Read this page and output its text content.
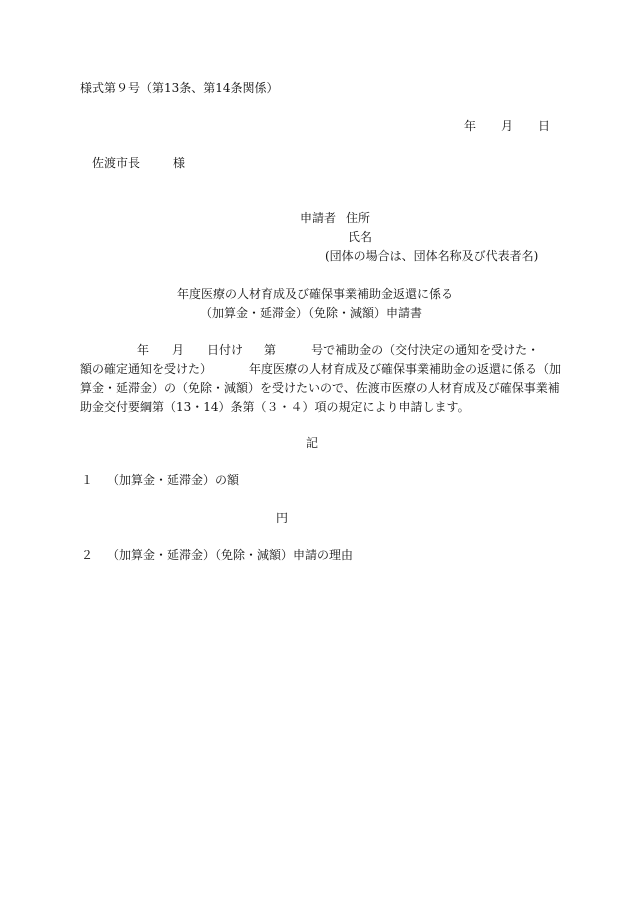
様式第９号（第13条、第14条関係）
年 月 日
佐渡市長	様
申請者 住所
氏名
(団体の場合は、団体名称及び代表者名)
年度医療の人材育成及び確保事業補助金返還に係る
（加算金・延滞金）（免除・減額）申請書
年 月 日付け 第	号で補助金の（交付決定の通知を受けた・
額の確定通知を受けた）	年度医療の人材育成及び確保事業補助金の返還に係る（加
算金・延滞金）の（免除・減額）を受けたいので、佐渡市医療の人材育成及び確保事業補
助金交付要綱第（13・14）条第（３・４）項の規定により申請します。
記
１ （加算金・延滞金）の額
円
２ （加算金・延滞金）（免除・減額）申請の理由
